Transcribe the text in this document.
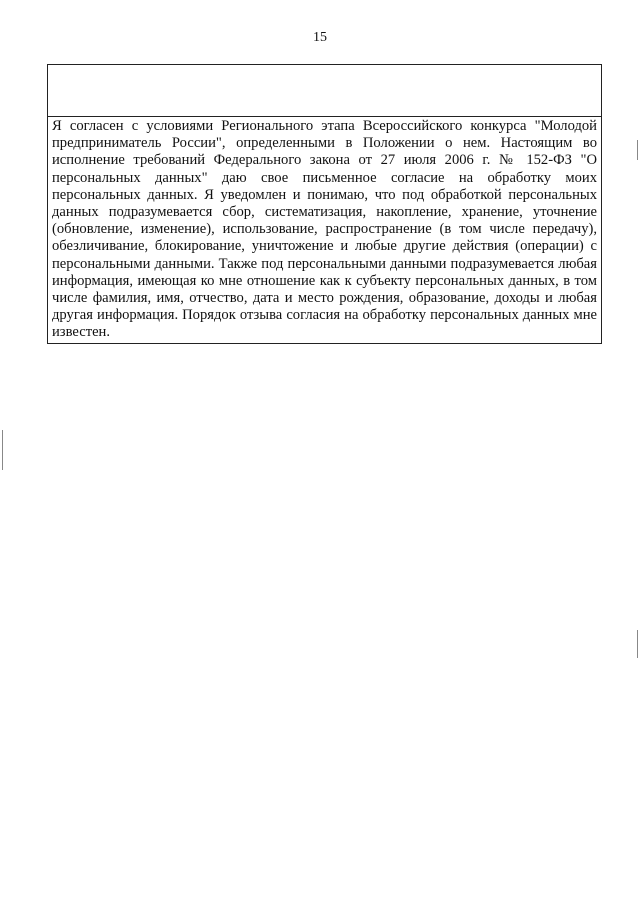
15

Я согласен с условиями Регионального этапа Всероссийского конкурса "Молодой предприниматель России", определенными в Положении о нем. Настоящим во исполнение требований Федерального закона от 27 июля 2006 г. № 152-ФЗ "О персональных данных" даю свое письменное согласие на обработку моих персональных данных. Я уведомлен и понимаю, что под обработкой персональных данных подразумевается сбор, систематизация, накопление, хранение, уточнение (обновление, изменение), использование, распространение (в том числе передачу), обезличивание, блокирование, уничтожение и любые другие действия (операции) с персональными данными. Также под персональными данными подразумевается любая информация, имеющая ко мне отношение как к субъекту персональных данных, в том числе фамилия, имя, отчество, дата и место рождения, образование, доходы и любая другая информация. Порядок отзыва согласия на обработку персональных данных мне известен.
